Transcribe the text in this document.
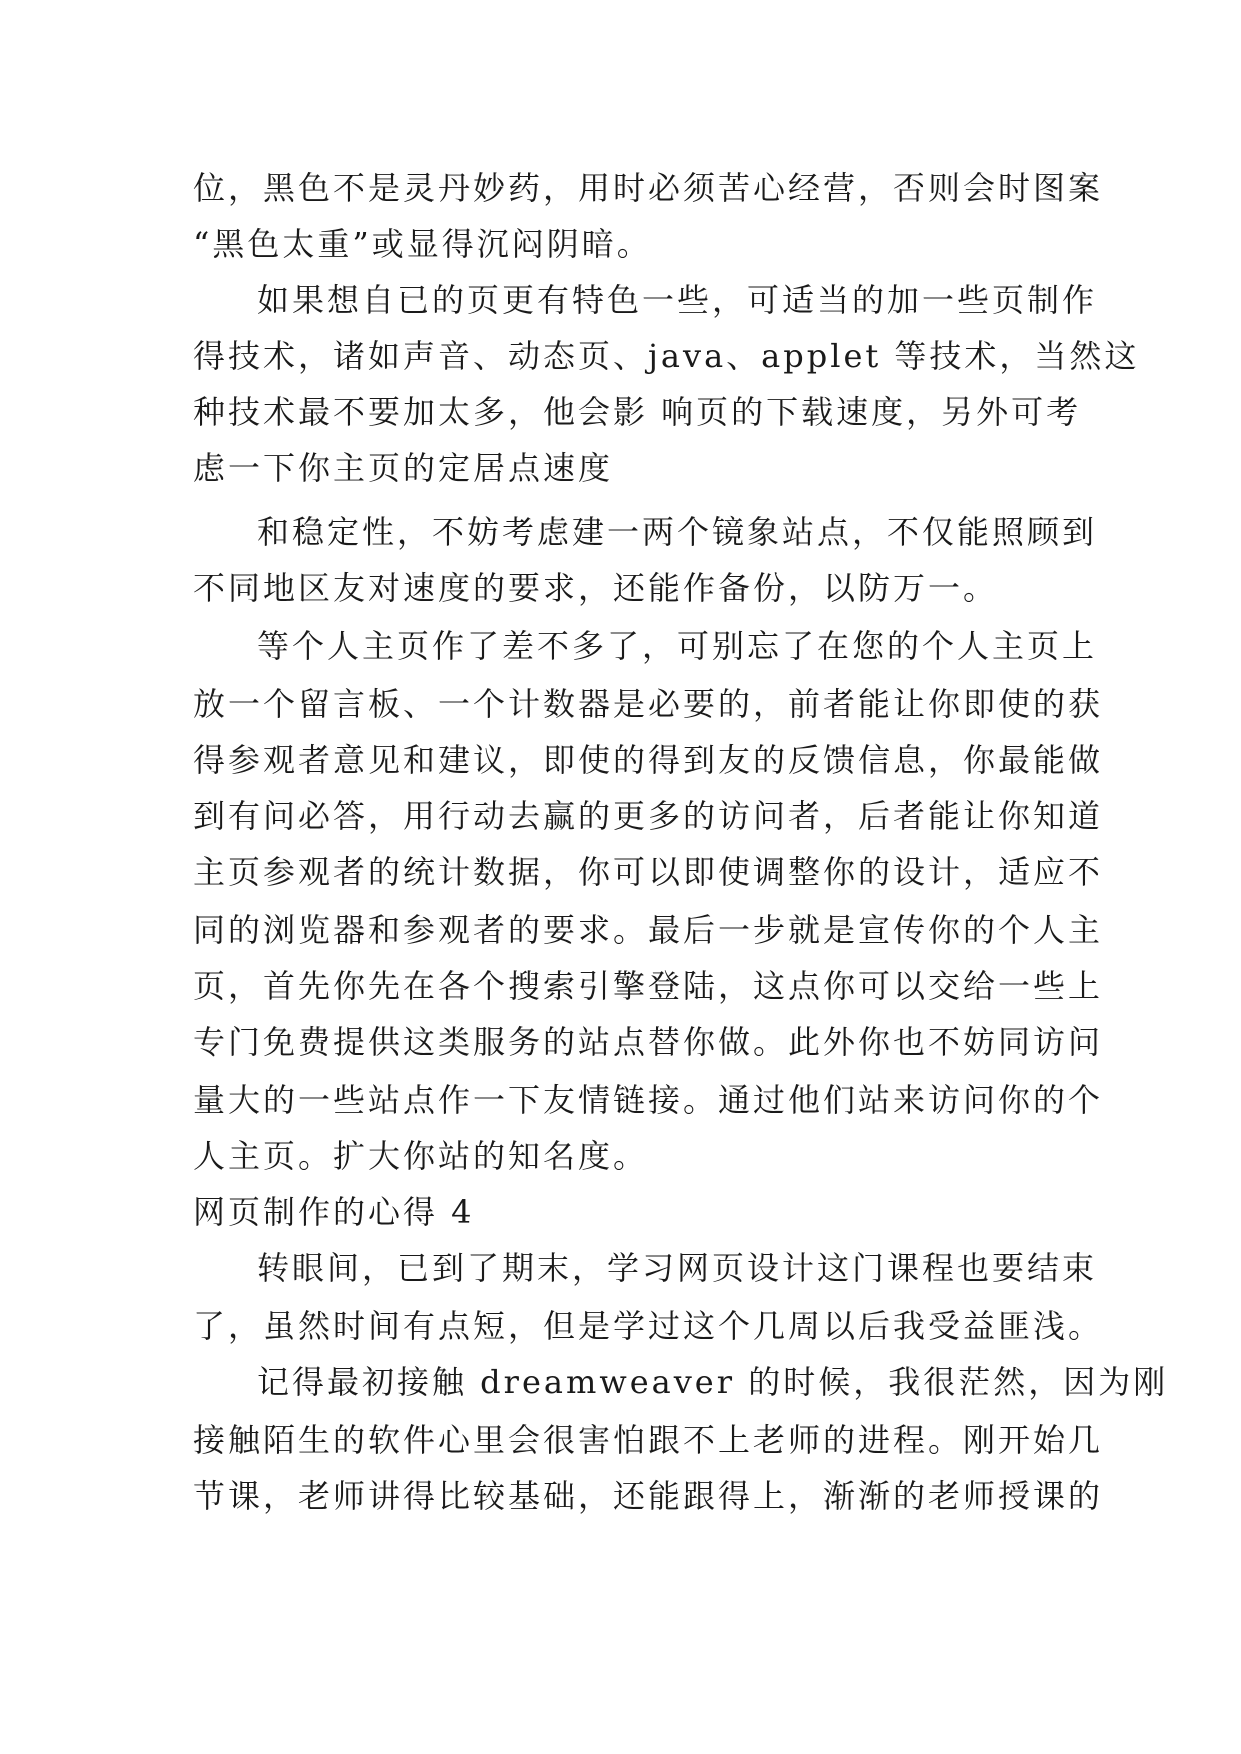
位，黑色不是灵丹妙药，用时必须苦心经营，否则会时图案
“黑色太重”或显得沉闷阴暗。
如果想自已的页更有特色一些，可适当的加一些页制作
得技术，诸如声音、动态页、java、applet 等技术，当然这
种技术最不要加太多，他会影 响页的下载速度，另外可考
虑一下你主页的定居点速度
和稳定性，不妨考虑建一两个镜象站点，不仅能照顾到
不同地区友对速度的要求，还能作备份，以防万一。
等个人主页作了差不多了，可别忘了在您的个人主页上
放一个留言板、一个计数器是必要的，前者能让你即使的获
得参观者意见和建议，即使的得到友的反馈信息，你最能做
到有问必答，用行动去赢的更多的访问者，后者能让你知道
主页参观者的统计数据，你可以即使调整你的设计，适应不
同的浏览器和参观者的要求。最后一步就是宣传你的个人主
页，首先你先在各个搜索引擎登陆，这点你可以交给一些上
专门免费提供这类服务的站点替你做。此外你也不妨同访问
量大的一些站点作一下友情链接。通过他们站来访问你的个
人主页。扩大你站的知名度。
网页制作的心得 4
转眼间，已到了期末，学习网页设计这门课程也要结束
了，虽然时间有点短，但是学过这个几周以后我受益匪浅。
记得最初接触 dreamweaver 的时候，我很茫然，因为刚
接触陌生的软件心里会很害怕跟不上老师的进程。刚开始几
节课，老师讲得比较基础，还能跟得上，渐渐的老师授课的
